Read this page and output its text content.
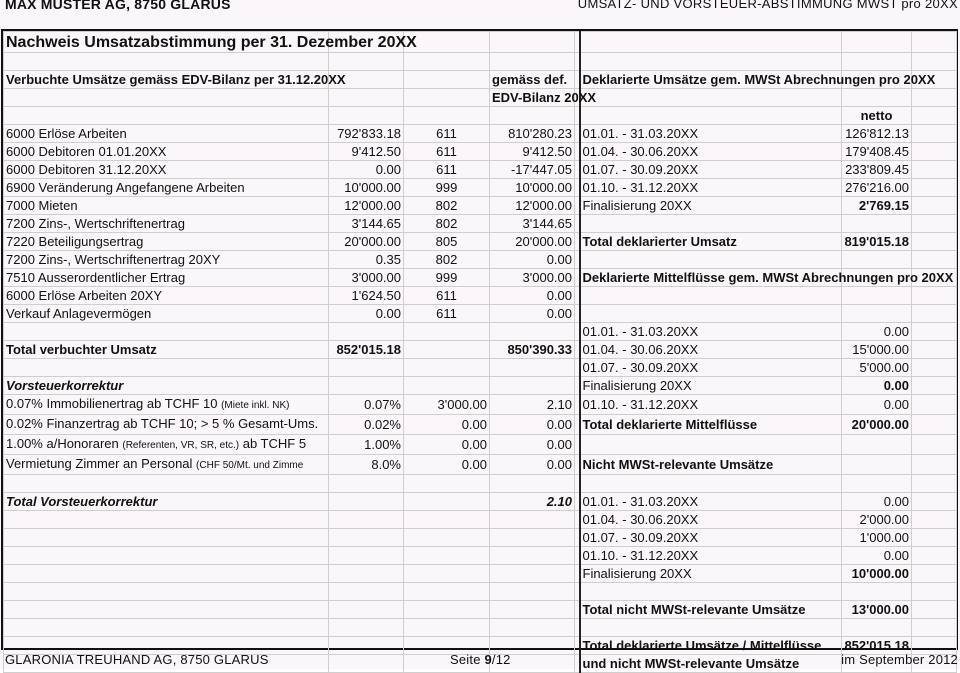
MAX MUSTER AG, 8750 GLARUS	UMSATZ- UND VORSTEUER-ABSTIMMUNG MWST pro 20XX
Nachweis Umsatzabstimmung per 31. Dezember 20XX							

Verbuchte Umsätze gemäss EDV-Bilanz per 31.12.20XX			gemäss def.		Deklarierte Umsätze gem. MWSt Abrechnungen pro 20XX		
			EDV-Bilanz 20XX				
						netto	
6000 Erlöse Arbeiten	792'833.18	611	810'280.23		01.01. - 31.03.20XX	126'812.13	
6000 Debitoren 01.01.20XX	9'412.50	611	9'412.50		01.04. - 30.06.20XX	179'408.45	
6000 Debitoren 31.12.20XX	0.00	611	-17'447.05		01.07. - 30.09.20XX	233'809.45	
6900 Veränderung Angefangene Arbeiten	10'000.00	999	10'000.00		01.10. - 31.12.20XX	276'216.00	
7000 Mieten	12'000.00	802	12'000.00		Finalisierung 20XX	2'769.15	
7200 Zins-, Wertschriftenertrag	3'144.65	802	3'144.65				
7220 Beteiligungsertrag	20'000.00	805	20'000.00		Total deklarierter Umsatz	819'015.18	
7200 Zins-, Wertschriftenertrag 20XY	0.35	802	0.00				
7510 Ausserordentlicher Ertrag	3'000.00	999	3'000.00		Deklarierte Mittelflüsse gem. MWSt Abrechnungen pro 20XX		
6000 Erlöse Arbeiten 20XY	1'624.50	611	0.00				
Verkauf Anlagevermögen	0.00	611	0.00				
					01.01. - 31.03.20XX	0.00	
Total verbuchter Umsatz	852'015.18		850'390.33		01.04. - 30.06.20XX	15'000.00	
					01.07. - 30.09.20XX	5'000.00	
Vorsteuerkorrektur					Finalisierung 20XX	0.00	
0.07% Immobilienertrag ab TCHF 10 (Miete inkl. NK)	0.07%	3'000.00	2.10		01.10. - 31.12.20XX	0.00	
0.02% Finanzertrag ab TCHF 10; > 5 % Gesamt-Ums.	0.02%	0.00	0.00		Total deklarierte Mittelflüsse	20'000.00	
1.00% a/Honoraren (Referenten, VR, SR, etc.) ab TCHF 5	1.00%	0.00	0.00				
Vermietung Zimmer an Personal (CHF 50/Mt. und Zimme	8.0%	0.00	0.00		Nicht MWSt-relevante Umsätze		

Total Vorsteuerkorrektur			2.10		01.01. - 31.03.20XX	0.00	
					01.04. - 30.06.20XX	2'000.00	
					01.07. - 30.09.20XX	1'000.00	
					01.10. - 31.12.20XX	0.00	
					Finalisierung 20XX	10'000.00	

					Total nicht MWSt-relevante Umsätze	13'000.00	

					Total deklarierte Umsätze / Mittelflüsse	852'015.18	
					und nicht MWSt-relevante Umsätze		
GLARONIA TREUHAND AG, 8750 GLARUS	Seite 9/12	im September 2012
